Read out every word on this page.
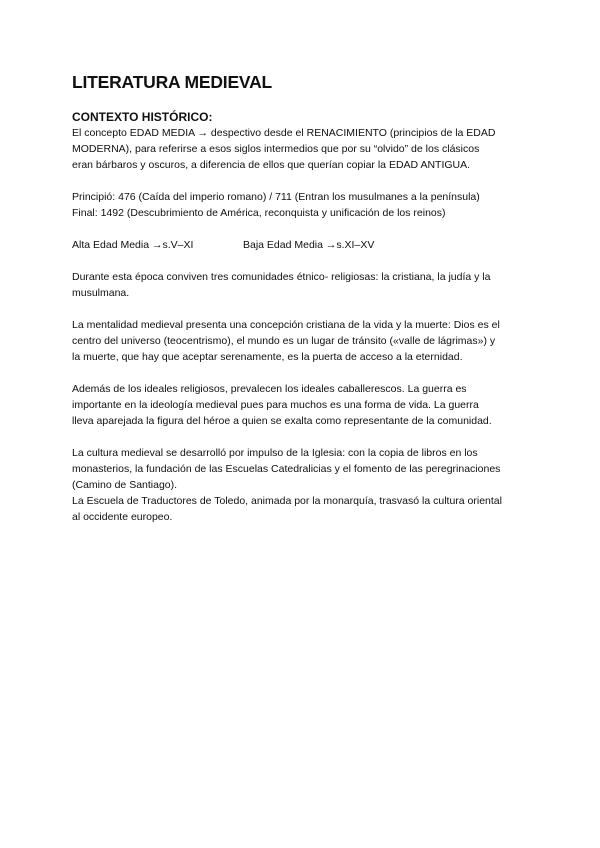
LITERATURA MEDIEVAL
CONTEXTO HISTÓRICO:

El concepto EDAD MEDIA → despectivo desde el RENACIMIENTO (principios de la EDAD

MODERNA), para referirse a esos siglos intermedios que por su “olvido” de los clásicos

eran bárbaros y oscuros, a diferencia de ellos que querían copiar la EDAD ANTIGUA.

Principió: 476 (Caída del imperio romano) / 711 (Entran los musulmanes a la península)

Final: 1492 (Descubrimiento de América, reconquista y unificación de los reinos)

Alta Edad Media →s.V–XI	Baja Edad Media →s.XI–XV

Durante esta época conviven tres comunidades étnico- religiosas: la cristiana, la judía y la

musulmana.

La mentalidad medieval presenta una concepción cristiana de la vida y la muerte: Dios es el

centro del universo (teocentrismo), el mundo es un lugar de tránsito («valle de lágrimas») y

la muerte, que hay que aceptar serenamente, es la puerta de acceso a la eternidad.

Además de los ideales religiosos, prevalecen los ideales caballerescos. La guerra es

importante en la ideología medieval pues para muchos es una forma de vida. La guerra

lleva aparejada la figura del héroe a quien se exalta como representante de la comunidad.

La cultura medieval se desarrolló por impulso de la Iglesia: con la copia de libros en los

monasterios, la fundación de las Escuelas Catedralicias y el fomento de las peregrinaciones

(Camino de Santiago).

La Escuela de Traductores de Toledo, animada por la monarquía, trasvasó la cultura oriental

al occidente europeo.
